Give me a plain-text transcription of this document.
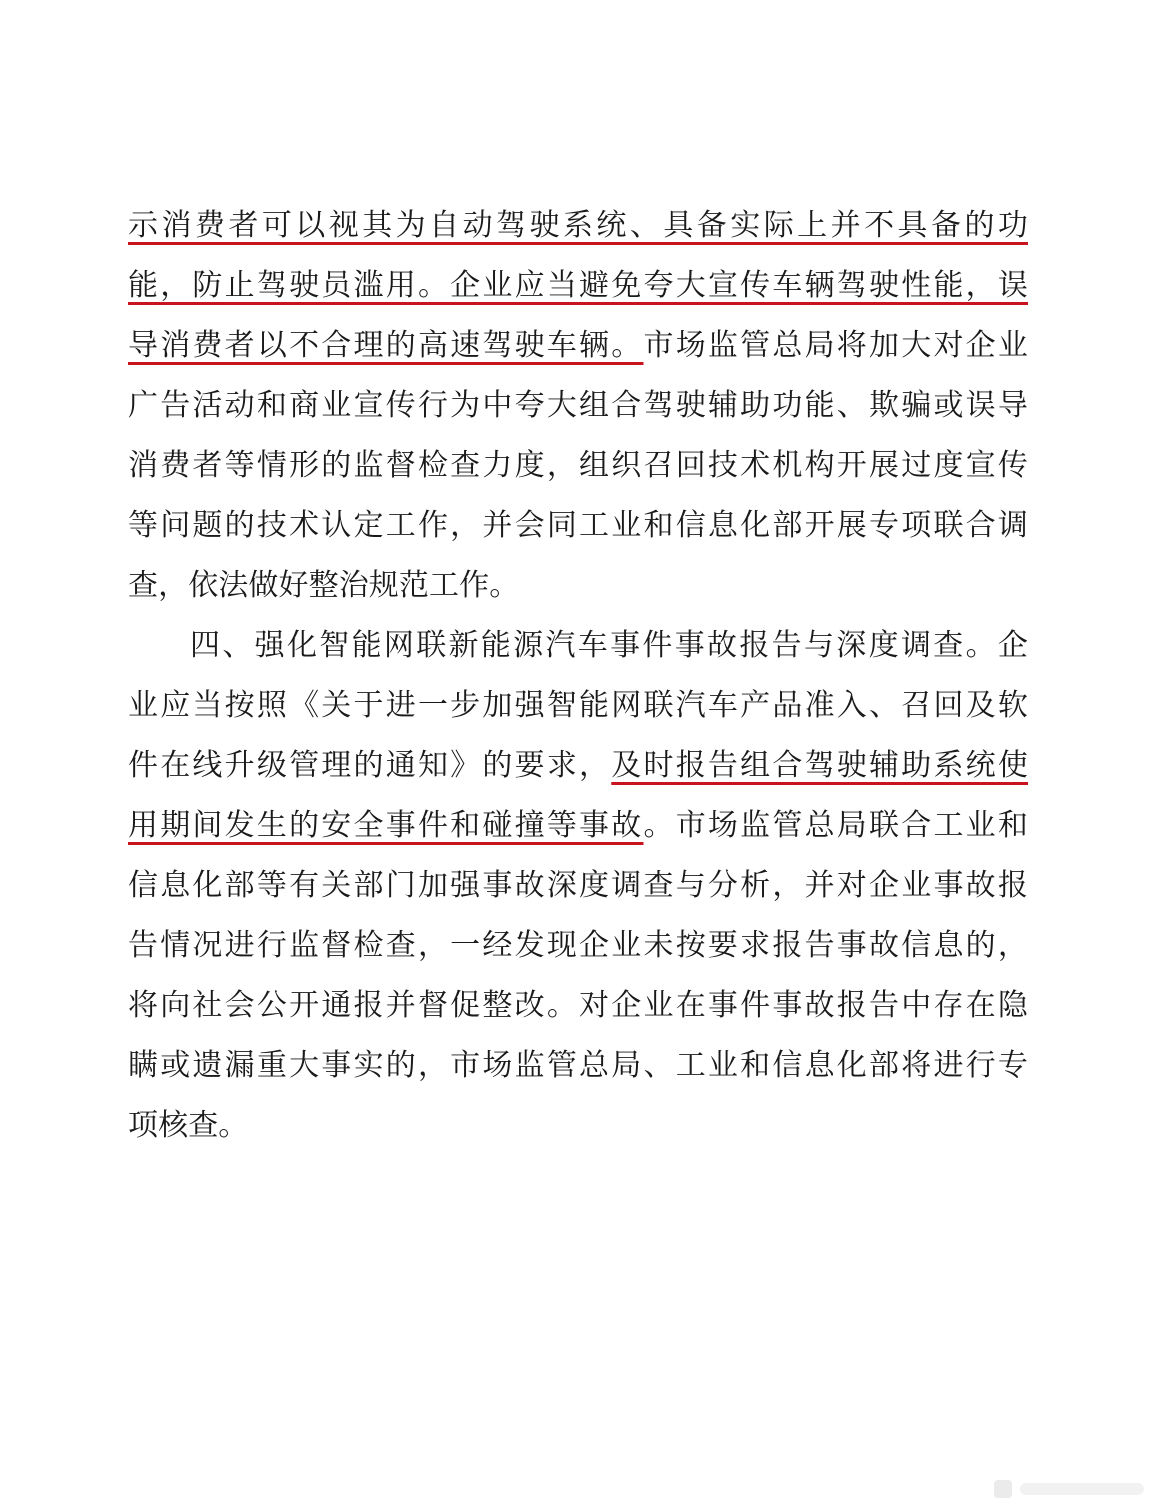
示消费者可以视其为自动驾驶系统、具备实际上并不具备的功
能，防止驾驶员滥用。企业应当避免夸大宣传车辆驾驶性能，误
导消费者以不合理的高速驾驶车辆。市场监管总局将加大对企业
广告活动和商业宣传行为中夸大组合驾驶辅助功能、欺骗或误导
消费者等情形的监督检查力度，组织召回技术机构开展过度宣传
等问题的技术认定工作，并会同工业和信息化部开展专项联合调
查，依法做好整治规范工作。
四、强化智能网联新能源汽车事件事故报告与深度调查。企
业应当按照《关于进一步加强智能网联汽车产品准入、召回及软
件在线升级管理的通知》的要求，及时报告组合驾驶辅助系统使
用期间发生的安全事件和碰撞等事故。市场监管总局联合工业和
信息化部等有关部门加强事故深度调查与分析，并对企业事故报
告情况进行监督检查，一经发现企业未按要求报告事故信息的，
将向社会公开通报并督促整改。对企业在事件事故报告中存在隐
瞒或遗漏重大事实的，市场监管总局、工业和信息化部将进行专
项核查。
